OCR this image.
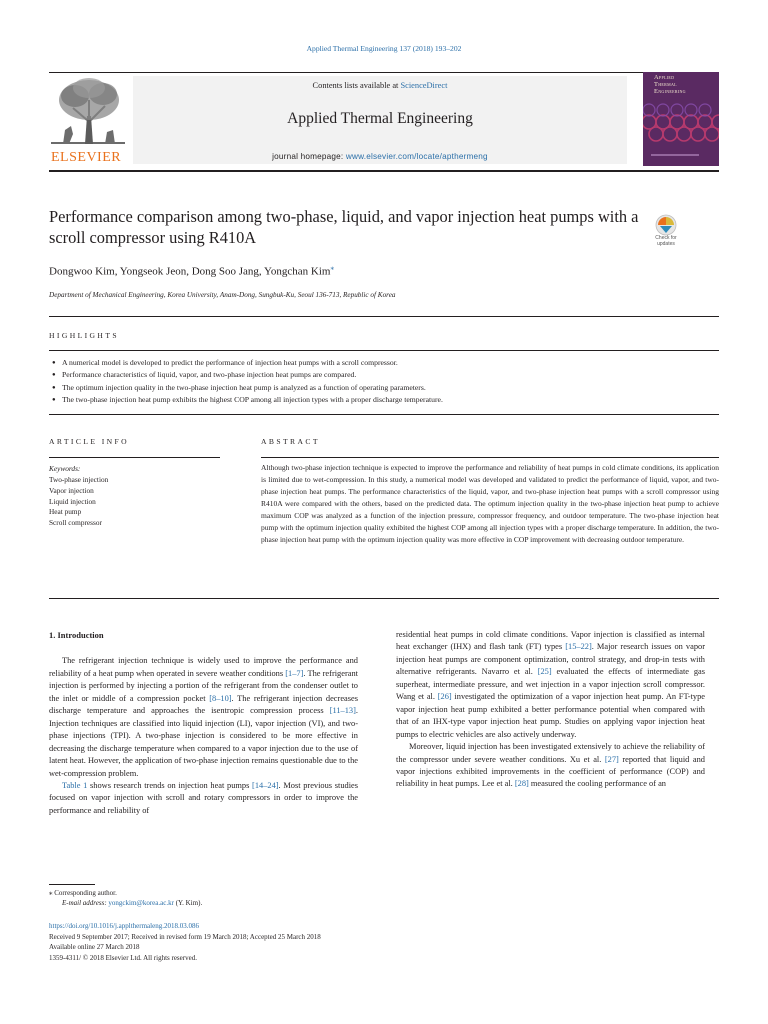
Applied Thermal Engineering 137 (2018) 193–202
ELSEVIER
Contents lists available at ScienceDirect
Applied Thermal Engineering
journal homepage: www.elsevier.com/locate/apthermeng
Applied
Thermal
Engineering
Performance comparison among two-phase, liquid, and vapor injection heat pumps with a scroll compressor using R410A	Check for
updates
Dongwoo Kim, Yongseok Jeon, Dong Soo Jang, Yongchan Kim⁎
Department of Mechanical Engineering, Korea University, Anam-Dong, Sungbuk-Ku, Seoul 136-713, Republic of Korea
HIGHLIGHTS
● A numerical model is developed to predict the performance of injection heat pumps with a scroll compressor.
● Performance characteristics of liquid, vapor, and two-phase injection heat pumps are compared.
● The optimum injection quality in the two-phase injection heat pump is analyzed as a function of operating parameters.
● The two-phase injection heat pump exhibits the highest COP among all injection types with a proper discharge temperature.
ARTICLE INFO
Keywords:
Two-phase injection
Vapor injection
Liquid injection
Heat pump
Scroll compressor
ABSTRACT
Although two-phase injection technique is expected to improve the performance and reliability of heat pumps in cold climate conditions, its application is limited due to wet-compression. In this study, a numerical model was developed and validated to predict the performance of liquid, vapor, and two-phase injection heat pumps. The performance characteristics of the liquid, vapor, and two-phase injection heat pumps with a scroll compressor using R410A were compared with the others, based on the predicted data. The optimum injection quality in the two-phase injection heat pump to achieve maximum COP was analyzed as a function of the injection pressure, compressor frequency, and outdoor temperature. The two-phase injection heat pump with the optimum injection quality exhibited the highest COP among all injection types with a proper discharge temperature. In addition, the two-phase injection heat pump with the optimum injection quality was more effective in COP improvement with decreasing outdoor temperature.

1. Introduction

The refrigerant injection technique is widely used to improve the performance and reliability of a heat pump when operated in severe weather conditions [1–7]. The refrigerant injection is performed by injecting a portion of the refrigerant from the condenser outlet to the inlet or middle of a compression pocket [8–10]. The refrigerant injection decreases discharge temperature and approaches the isentropic compression process [11–13]. Injection techniques are classified into liquid injection (LI), vapor injection (VI), and two-phase injections (TPI). A two-phase injection is considered to be more effective in decreasing the discharge temperature when compared to a vapor injection due to the use of latent heat. However, the application of two-phase injection remains questionable due to the wet-compression problem.

Table 1 shows research trends on injection heat pumps [14–24]. Most previous studies focused on vapor injection with scroll and rotary compressors in order to improve the performance and reliability of

residential heat pumps in cold climate conditions. Vapor injection is classified as internal heat exchanger (IHX) and flash tank (FT) types [15–22]. Major research issues on vapor injection heat pumps are component optimization, control strategy, and drop-in tests with alternative refrigerants. Navarro et al. [25] evaluated the effects of intermediate gas superheat, intermediate pressure, and wet injection in a vapor injection scroll compressor. Wang et al. [26] investigated the optimization of a vapor injection heat pump. An FT-type vapor injection heat pump exhibited a better performance potential when compared with that of an IHX-type vapor injection heat pump. Studies on applying vapor injection heat pumps to electric vehicles are also actively underway.

Moreover, liquid injection has been investigated extensively to achieve the reliability of the compressor under severe weather conditions. Xu et al. [27] reported that liquid and vapor injections exhibited improvements in the coefficient of performance (COP) and reliability in heat pumps. Lee et al. [28] measured the cooling performance of an

⁎ Corresponding author.
E-mail address: yongckim@korea.ac.kr (Y. Kim).
https://doi.org/10.1016/j.applthermaleng.2018.03.086
Received 9 September 2017; Received in revised form 19 March 2018; Accepted 25 March 2018
Available online 27 March 2018
1359-4311/ © 2018 Elsevier Ltd. All rights reserved.
